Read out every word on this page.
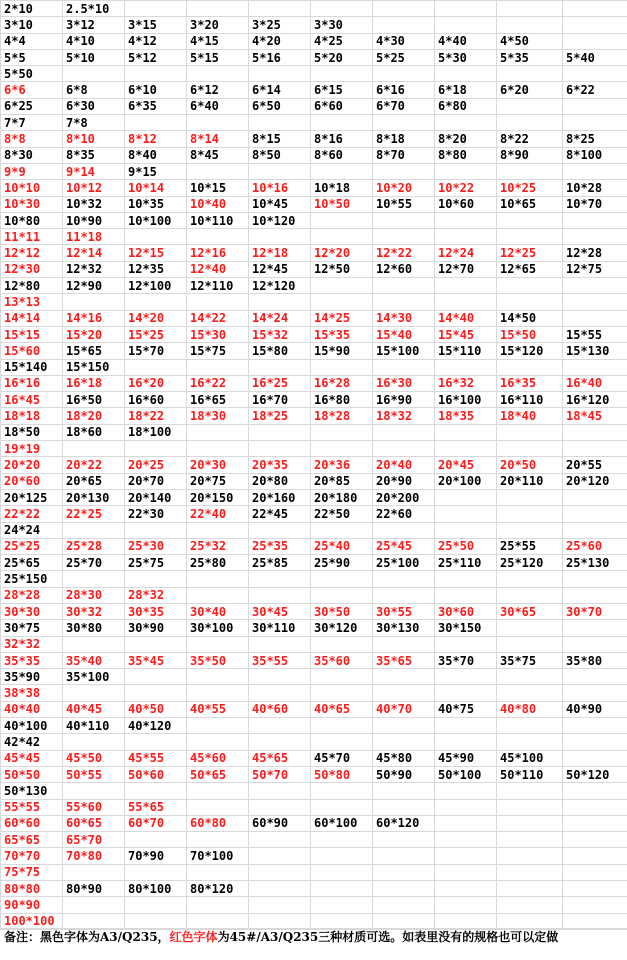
2*10	2.5*10								
3*10	3*12	3*15	3*20	3*25	3*30				
4*4	4*10	4*12	4*15	4*20	4*25	4*30	4*40	4*50	
5*5	5*10	5*12	5*15	5*16	5*20	5*25	5*30	5*35	5*40
5*50									
6*6	6*8	6*10	6*12	6*14	6*15	6*16	6*18	6*20	6*22
6*25	6*30	6*35	6*40	6*50	6*60	6*70	6*80		
7*7	7*8								
8*8	8*10	8*12	8*14	8*15	8*16	8*18	8*20	8*22	8*25
8*30	8*35	8*40	8*45	8*50	8*60	8*70	8*80	8*90	8*100
9*9	9*14	9*15							
10*10	10*12	10*14	10*15	10*16	10*18	10*20	10*22	10*25	10*28
10*30	10*32	10*35	10*40	10*45	10*50	10*55	10*60	10*65	10*70
10*80	10*90	10*100	10*110	10*120					
11*11	11*18								
12*12	12*14	12*15	12*16	12*18	12*20	12*22	12*24	12*25	12*28
12*30	12*32	12*35	12*40	12*45	12*50	12*60	12*70	12*65	12*75
12*80	12*90	12*100	12*110	12*120					
13*13									
14*14	14*16	14*20	14*22	14*24	14*25	14*30	14*40	14*50	
15*15	15*20	15*25	15*30	15*32	15*35	15*40	15*45	15*50	15*55
15*60	15*65	15*70	15*75	15*80	15*90	15*100	15*110	15*120	15*130
15*140	15*150								
16*16	16*18	16*20	16*22	16*25	16*28	16*30	16*32	16*35	16*40
16*45	16*50	16*60	16*65	16*70	16*80	16*90	16*100	16*110	16*120
18*18	18*20	18*22	18*30	18*25	18*28	18*32	18*35	18*40	18*45
18*50	18*60	18*100							
19*19									
20*20	20*22	20*25	20*30	20*35	20*36	20*40	20*45	20*50	20*55
20*60	20*65	20*70	20*75	20*80	20*85	20*90	20*100	20*110	20*120
20*125	20*130	20*140	20*150	20*160	20*180	20*200			
22*22	22*25	22*30	22*40	22*45	22*50	22*60			
24*24									
25*25	25*28	25*30	25*32	25*35	25*40	25*45	25*50	25*55	25*60
25*65	25*70	25*75	25*80	25*85	25*90	25*100	25*110	25*120	25*130
25*150									
28*28	28*30	28*32							
30*30	30*32	30*35	30*40	30*45	30*50	30*55	30*60	30*65	30*70
30*75	30*80	30*90	30*100	30*110	30*120	30*130	30*150		
32*32									
35*35	35*40	35*45	35*50	35*55	35*60	35*65	35*70	35*75	35*80
35*90	35*100								
38*38									
40*40	40*45	40*50	40*55	40*60	40*65	40*70	40*75	40*80	40*90
40*100	40*110	40*120							
42*42									
45*45	45*50	45*55	45*60	45*65	45*70	45*80	45*90	45*100	
50*50	50*55	50*60	50*65	50*70	50*80	50*90	50*100	50*110	50*120
50*130									
55*55	55*60	55*65							
60*60	60*65	60*70	60*80	60*90	60*100	60*120			
65*65	65*70								
70*70	70*80	70*90	70*100						
75*75									
80*80	80*90	80*100	80*120						
90*90									
100*100									
备注：黑色字体为A3/Q235，红色字体为45#/A3/Q235三种材质可选。如表里没有的规格也可以定做
